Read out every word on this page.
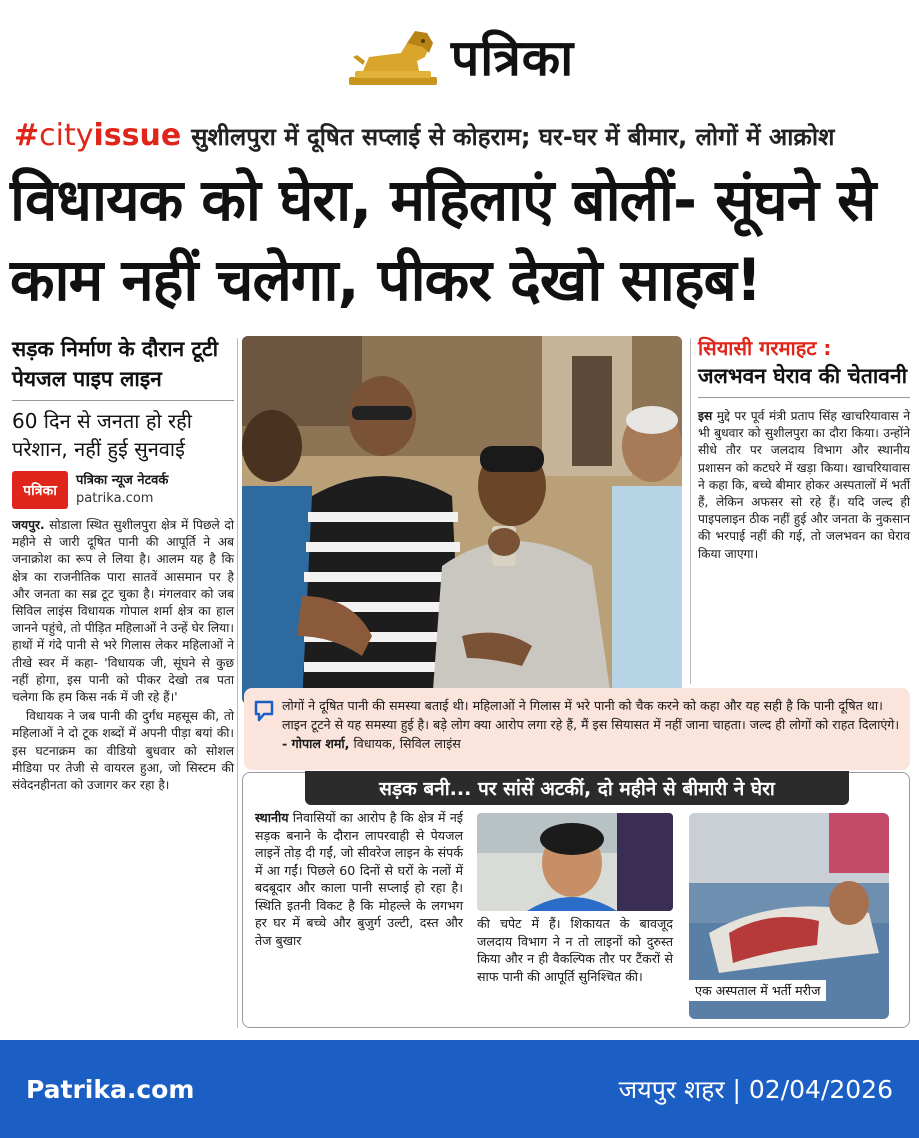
पत्रिका
#cityissue सुशीलपुरा में दूषित सप्लाई से कोहराम; घर-घर में बीमार, लोगों में आक्रोश
विधायक को घेरा, महिलाएं बोलीं- सूंघने से काम नहीं चलेगा, पीकर देखो साहब!
सड़क निर्माण के दौरान टूटी पेयजल पाइप लाइन
60 दिन से जनता हो रही परेशान, नहीं हुई सुनवाई
पत्रिका
पत्रिका न्यूज नेटवर्क
patrika.com

जयपुर. सोडाला स्थित सुशीलपुरा क्षेत्र में पिछले दो महीने से जारी दूषित पानी की आपूर्ति ने अब जनाक्रोश का रूप ले लिया है। आलम यह है कि क्षेत्र का राजनीतिक पारा सातवें आसमान पर है और जनता का सब्र टूट चुका है। मंगलवार को जब सिविल लाइंस विधायक गोपाल शर्मा क्षेत्र का हाल जानने पहुंचे, तो पीड़ित महिलाओं ने उन्हें घेर लिया। हाथों में गंदे पानी से भरे गिलास लेकर महिलाओं ने तीखे स्वर में कहा- 'विधायक जी, सूंघने से कुछ नहीं होगा, इस पानी को पीकर देखो तब पता चलेगा कि हम किस नर्क में जी रहे हैं।'

विधायक ने जब पानी की दुर्गंध महसूस की, तो महिलाओं ने दो टूक शब्दों में अपनी पीड़ा बयां की। इस घटनाक्रम का वीडियो बुधवार को सोशल मीडिया पर तेजी से वायरल हुआ, जो सिस्टम की संवेदनहीनता को उजागर कर रहा है।

सियासी गरमाहट :
जलभवन घेराव की चेतावनी
इस मुद्दे पर पूर्व मंत्री प्रताप सिंह खाचरियावास ने भी बुधवार को सुशीलपुरा का दौरा किया। उन्होंने सीधे तौर पर जलदाय विभाग और स्थानीय प्रशासन को कटघरे में खड़ा किया। खाचरियावास ने कहा कि, बच्चे बीमार होकर अस्पतालों में भर्ती हैं, लेकिन अफसर सो रहे हैं। यदि जल्द ही पाइपलाइन ठीक नहीं हुई और जनता के नुकसान की भरपाई नहीं की गई, तो जलभवन का घेराव किया जाएगा।
लोगों ने दूषित पानी की समस्या बताई थी। महिलाओं ने गिलास में भरे पानी को चैक करने को कहा और यह सही है कि पानी दूषित था। लाइन टूटने से यह समस्या हुई है। बड़े लोग क्या आरोप लगा रहे हैं, मैं इस सियासत में नहीं जाना चाहता। जल्द ही लोगों को राहत दिलाएंगे। - गोपाल शर्मा, विधायक, सिविल लाइंस
सड़क बनी... पर सांसें अटकीं, दो महीने से बीमारी ने घेरा
स्थानीय निवासियों का आरोप है कि क्षेत्र में नई सड़क बनाने के दौरान लापरवाही से पेयजल लाइनें तोड़ दी गईं, जो सीवरेज लाइन के संपर्क में आ गईं। पिछले 60 दिनों से घरों के नलों में बदबूदार और काला पानी सप्लाई हो रहा है। स्थिति इतनी विकट है कि मोहल्ले के लगभग हर घर में बच्चे और बुजुर्ग उल्टी, दस्त और तेज बुखार
की चपेट में हैं। शिकायत के बावजूद जलदाय विभाग ने न तो लाइनों को दुरुस्त किया और न ही वैकल्पिक तौर पर टैंकरों से साफ पानी की आपूर्ति सुनिश्चित की।
एक अस्पताल में भर्ती मरीज
Patrika.com	जयपुर शहर | 02/04/2026
